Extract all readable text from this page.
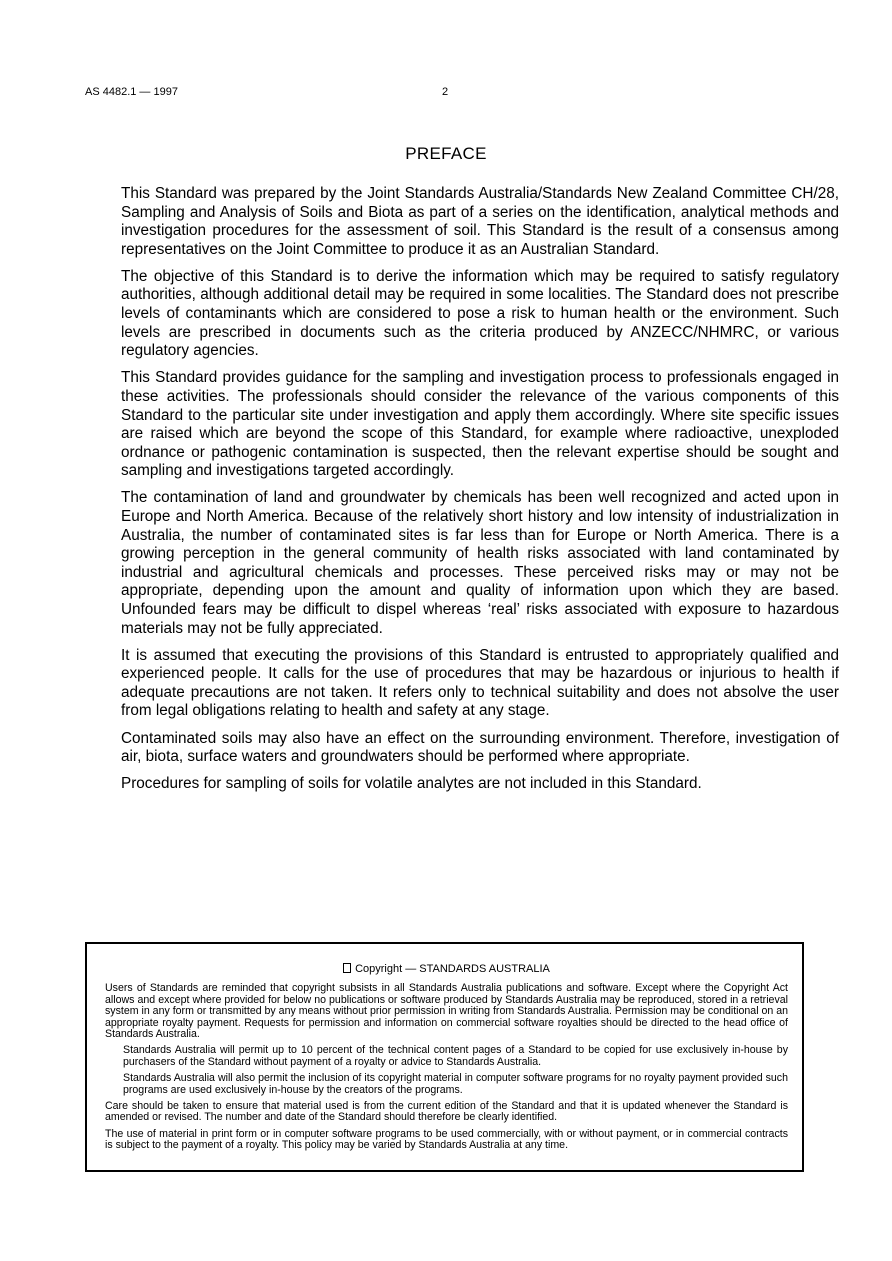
AS 4482.1 — 1997	2
PREFACE

This Standard was prepared by the Joint Standards Australia/Standards New Zealand Committee CH/28, Sampling and Analysis of Soils and Biota as part of a series on the identification, analytical methods and investigation procedures for the assessment of soil. This Standard is the result of a consensus among representatives on the Joint Committee to produce it as an Australian Standard.

The objective of this Standard is to derive the information which may be required to satisfy regulatory authorities, although additional detail may be required in some localities. The Standard does not prescribe levels of contaminants which are considered to pose a risk to human health or the environment. Such levels are prescribed in documents such as the criteria produced by ANZECC/NHMRC, or various regulatory agencies.

This Standard provides guidance for the sampling and investigation process to professionals engaged in these activities. The professionals should consider the relevance of the various components of this Standard to the particular site under investigation and apply them accordingly. Where site specific issues are raised which are beyond the scope of this Standard, for example where radioactive, unexploded ordnance or pathogenic contamination is suspected, then the relevant expertise should be sought and sampling and investigations targeted accordingly.

The contamination of land and groundwater by chemicals has been well recognized and acted upon in Europe and North America. Because of the relatively short history and low intensity of industrialization in Australia, the number of contaminated sites is far less than for Europe or North America. There is a growing perception in the general community of health risks associated with land contaminated by industrial and agricultural chemicals and processes. These perceived risks may or may not be appropriate, depending upon the amount and quality of information upon which they are based. Unfounded fears may be difficult to dispel whereas ‘real’ risks associated with exposure to hazardous materials may not be fully appreciated.

It is assumed that executing the provisions of this Standard is entrusted to appropriately qualified and experienced people. It calls for the use of procedures that may be hazardous or injurious to health if adequate precautions are not taken. It refers only to technical suitability and does not absolve the user from legal obligations relating to health and safety at any stage.

Contaminated soils may also have an effect on the surrounding environment. Therefore, investigation of air, biota, surface waters and groundwaters should be performed where appropriate.

Procedures for sampling of soils for volatile analytes are not included in this Standard.

Copyright — STANDARDS AUSTRALIA

Users of Standards are reminded that copyright subsists in all Standards Australia publications and software. Except where the Copyright Act allows and except where provided for below no publications or software produced by Standards Australia may be reproduced, stored in a retrieval system in any form or transmitted by any means without prior permission in writing from Standards Australia. Permission may be conditional on an appropriate royalty payment. Requests for permission and information on commercial software royalties should be directed to the head office of Standards Australia.

Standards Australia will permit up to 10 percent of the technical content pages of a Standard to be copied for use exclusively in-house by purchasers of the Standard without payment of a royalty or advice to Standards Australia.

Standards Australia will also permit the inclusion of its copyright material in computer software programs for no royalty payment provided such programs are used exclusively in-house by the creators of the programs.

Care should be taken to ensure that material used is from the current edition of the Standard and that it is updated whenever the Standard is amended or revised. The number and date of the Standard should therefore be clearly identified.

The use of material in print form or in computer software programs to be used commercially, with or without payment, or in commercial contracts is subject to the payment of a royalty. This policy may be varied by Standards Australia at any time.
